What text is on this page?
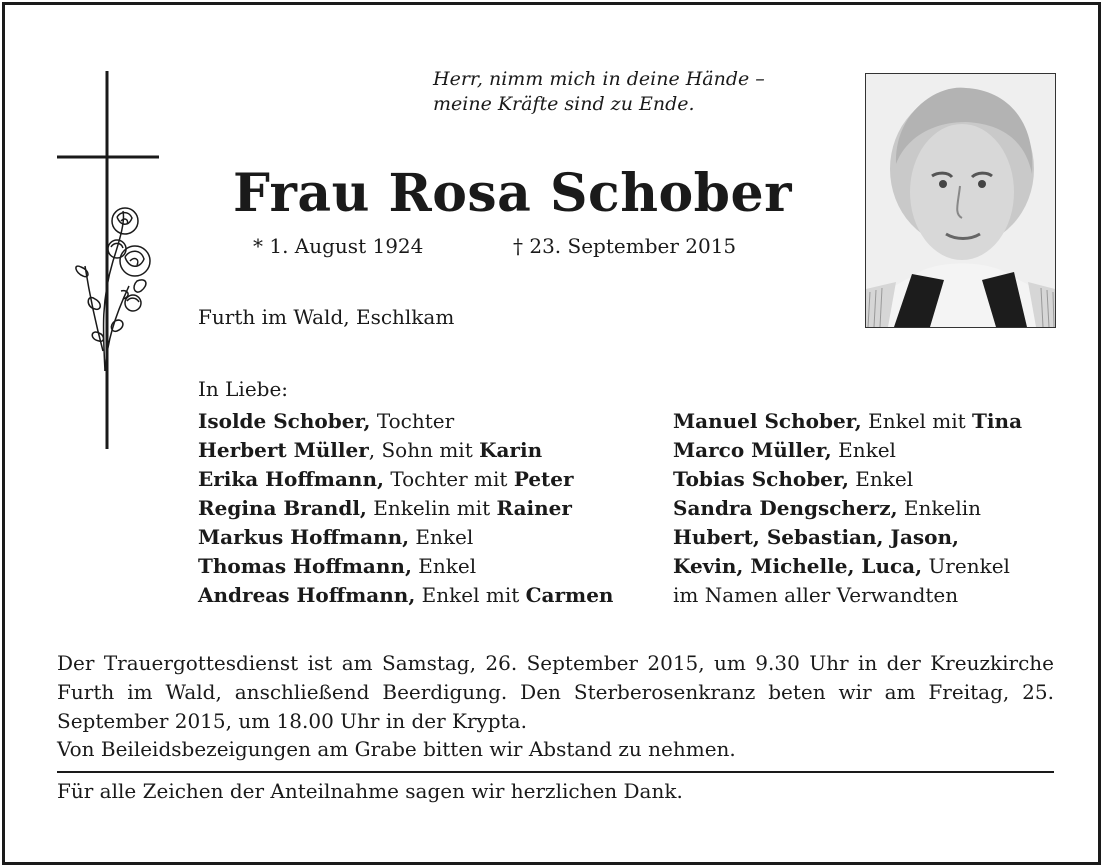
Herr, nimm mich in deine Hände –
meine Kräfte sind zu Ende.
Frau Rosa Schober
* 1. August 1924	† 23. September 2015
Furth im Wald, Eschlkam
In Liebe:
Isolde Schober, Tochter
Herbert Müller, Sohn mit Karin
Erika Hoffmann, Tochter mit Peter
Regina Brandl, Enkelin mit Rainer
Markus Hoffmann, Enkel
Thomas Hoffmann, Enkel
Andreas Hoffmann, Enkel mit Carmen
Manuel Schober, Enkel mit Tina
Marco Müller, Enkel
Tobias Schober, Enkel
Sandra Dengscherz, Enkelin
Hubert, Sebastian, Jason,
Kevin, Michelle, Luca, Urenkel
im Namen aller Verwandten
Der Trauergottesdienst ist am Samstag, 26. September 2015, um 9.30 Uhr in der Kreuzkirche Furth im Wald, anschließend Beerdigung. Den Sterberosenkranz beten wir am Freitag, 25. September 2015, um 18.00 Uhr in der Krypta.
Von Beileidsbezeigungen am Grabe bitten wir Abstand zu nehmen.
Für alle Zeichen der Anteilnahme sagen wir herzlichen Dank.
